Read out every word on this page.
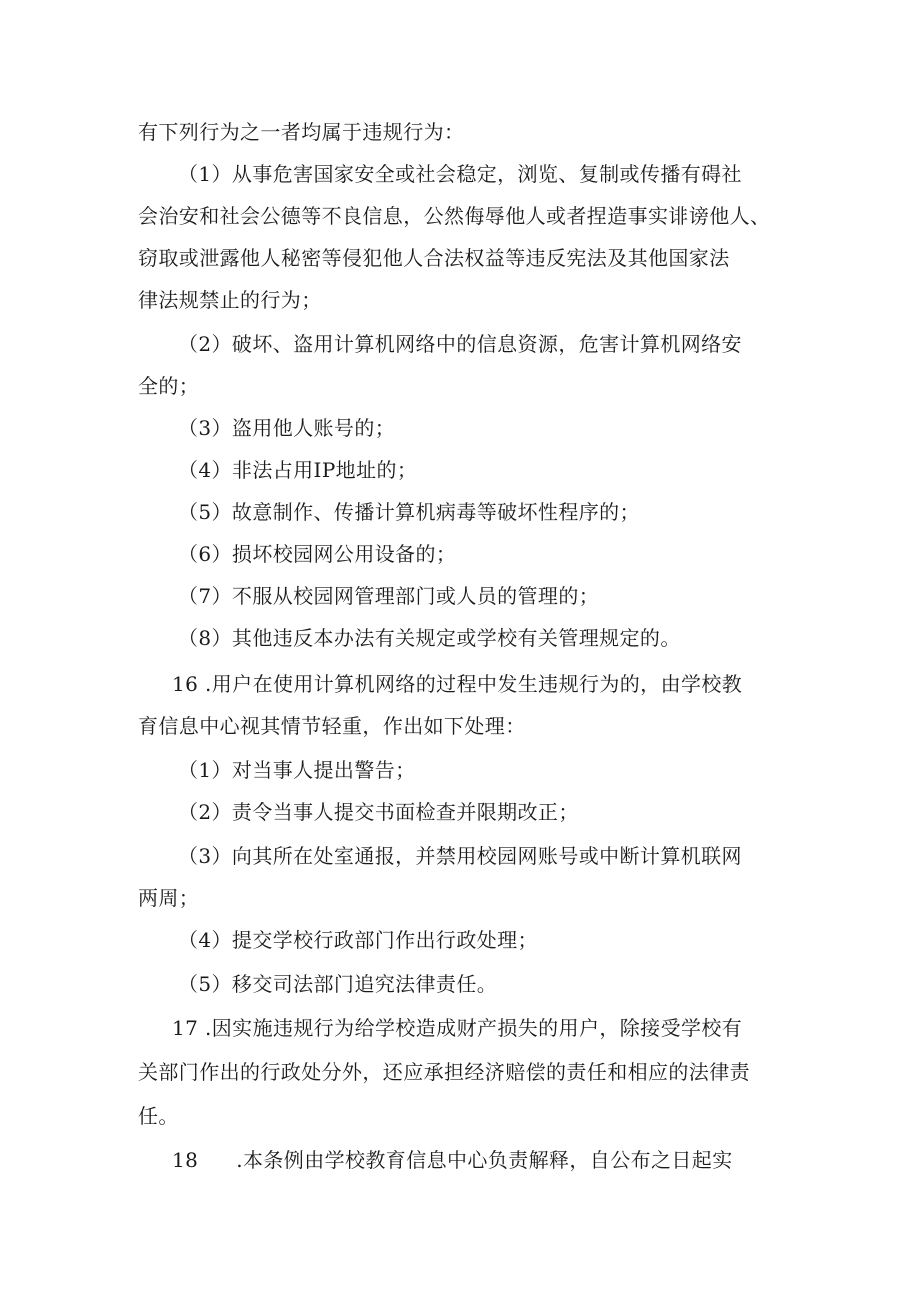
有下列行为之一者均属于违规行为：
（1）从事危害国家安全或社会稳定，浏览、复制或传播有碍社
会治安和社会公德等不良信息，公然侮辱他人或者捏造事实诽谤他人、
窃取或泄露他人秘密等侵犯他人合法权益等违反宪法及其他国家法
律法规禁止的行为；
（2）破坏、盗用计算机网络中的信息资源，危害计算机网络安
全的；
（3）盗用他人账号的；
（4）非法占用IP地址的；
（5）故意制作、传播计算机病毒等破坏性程序的；
（6）损坏校园网公用设备的；
（7）不服从校园网管理部门或人员的管理的；
（8）其他违反本办法有关规定或学校有关管理规定的。
16 .用户在使用计算机网络的过程中发生违规行为的，由学校教
育信息中心视其情节轻重，作出如下处理：
（1）对当事人提出警告；
（2）责令当事人提交书面检查并限期改正；
（3）向其所在处室通报，并禁用校园网账号或中断计算机联网
两周；
（4）提交学校行政部门作出行政处理；
（5）移交司法部门追究法律责任。
17 .因实施违规行为给学校造成财产损失的用户，除接受学校有
关部门作出的行政处分外，还应承担经济赔偿的责任和相应的法律责
任。
18 .本条例由学校教育信息中心负责解释，自公布之日起实
